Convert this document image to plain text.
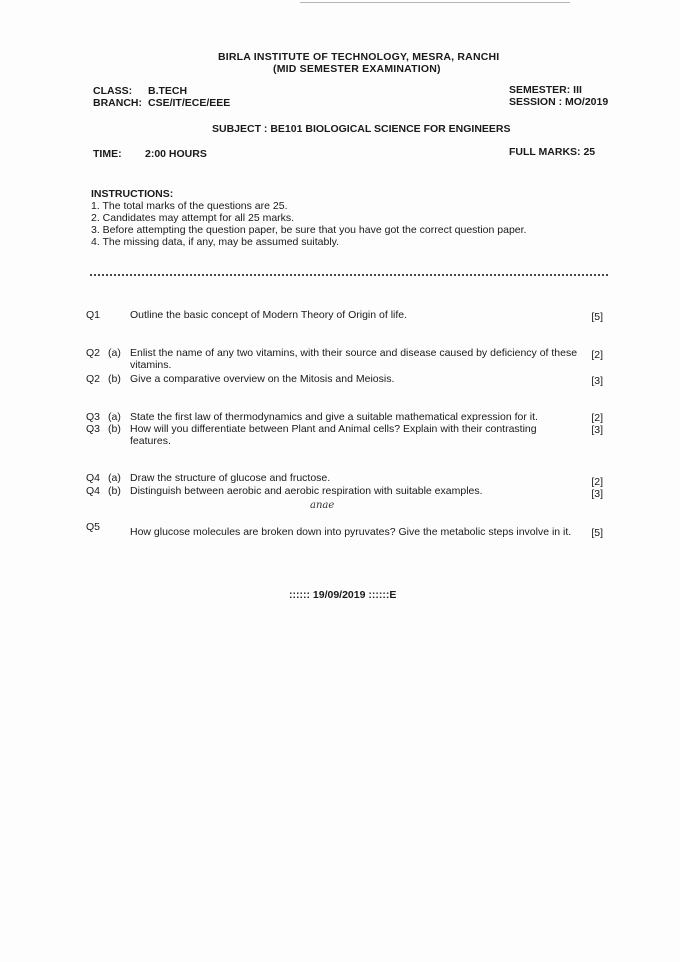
BIRLA INSTITUTE OF TECHNOLOGY, MESRA, RANCHI
(MID SEMESTER EXAMINATION)
CLASS: B.TECH
BRANCH: CSE/IT/ECE/EEE
SEMESTER: III
SESSION : MO/2019
SUBJECT : BE101 BIOLOGICAL SCIENCE FOR ENGINEERS
TIME: 2:00 HOURS	FULL MARKS: 25
INSTRUCTIONS:
1. The total marks of the questions are 25.
2. Candidates may attempt for all 25 marks.
3. Before attempting the question paper, be sure that you have got the correct question paper.
4. The missing data, if any, may be assumed suitably.
Q1	Outline the basic concept of Modern Theory of Origin of life.	[5]
Q2 (a) Enlist the name of any two vitamins, with their source and disease caused by deficiency of these vitamins.
[2]
Q2 (b) Give a comparative overview on the Mitosis and Meiosis.	[3]
Q3 (a) State the first law of thermodynamics and give a suitable mathematical expression for it.	[2]
Q3 (b) How will you differentiate between Plant and Animal cells? Explain with their contrasting features.
[3]
Q4 (a) Draw the structure of glucose and fructose.	[2]
Q4 (b) Distinguish between aerobic and aerobic respiration with suitable examples.	[3]
anae
Q5	How glucose molecules are broken down into pyruvates? Give the metabolic steps involve in it.	[5]
:::::: 19/09/2019 ::::::E
